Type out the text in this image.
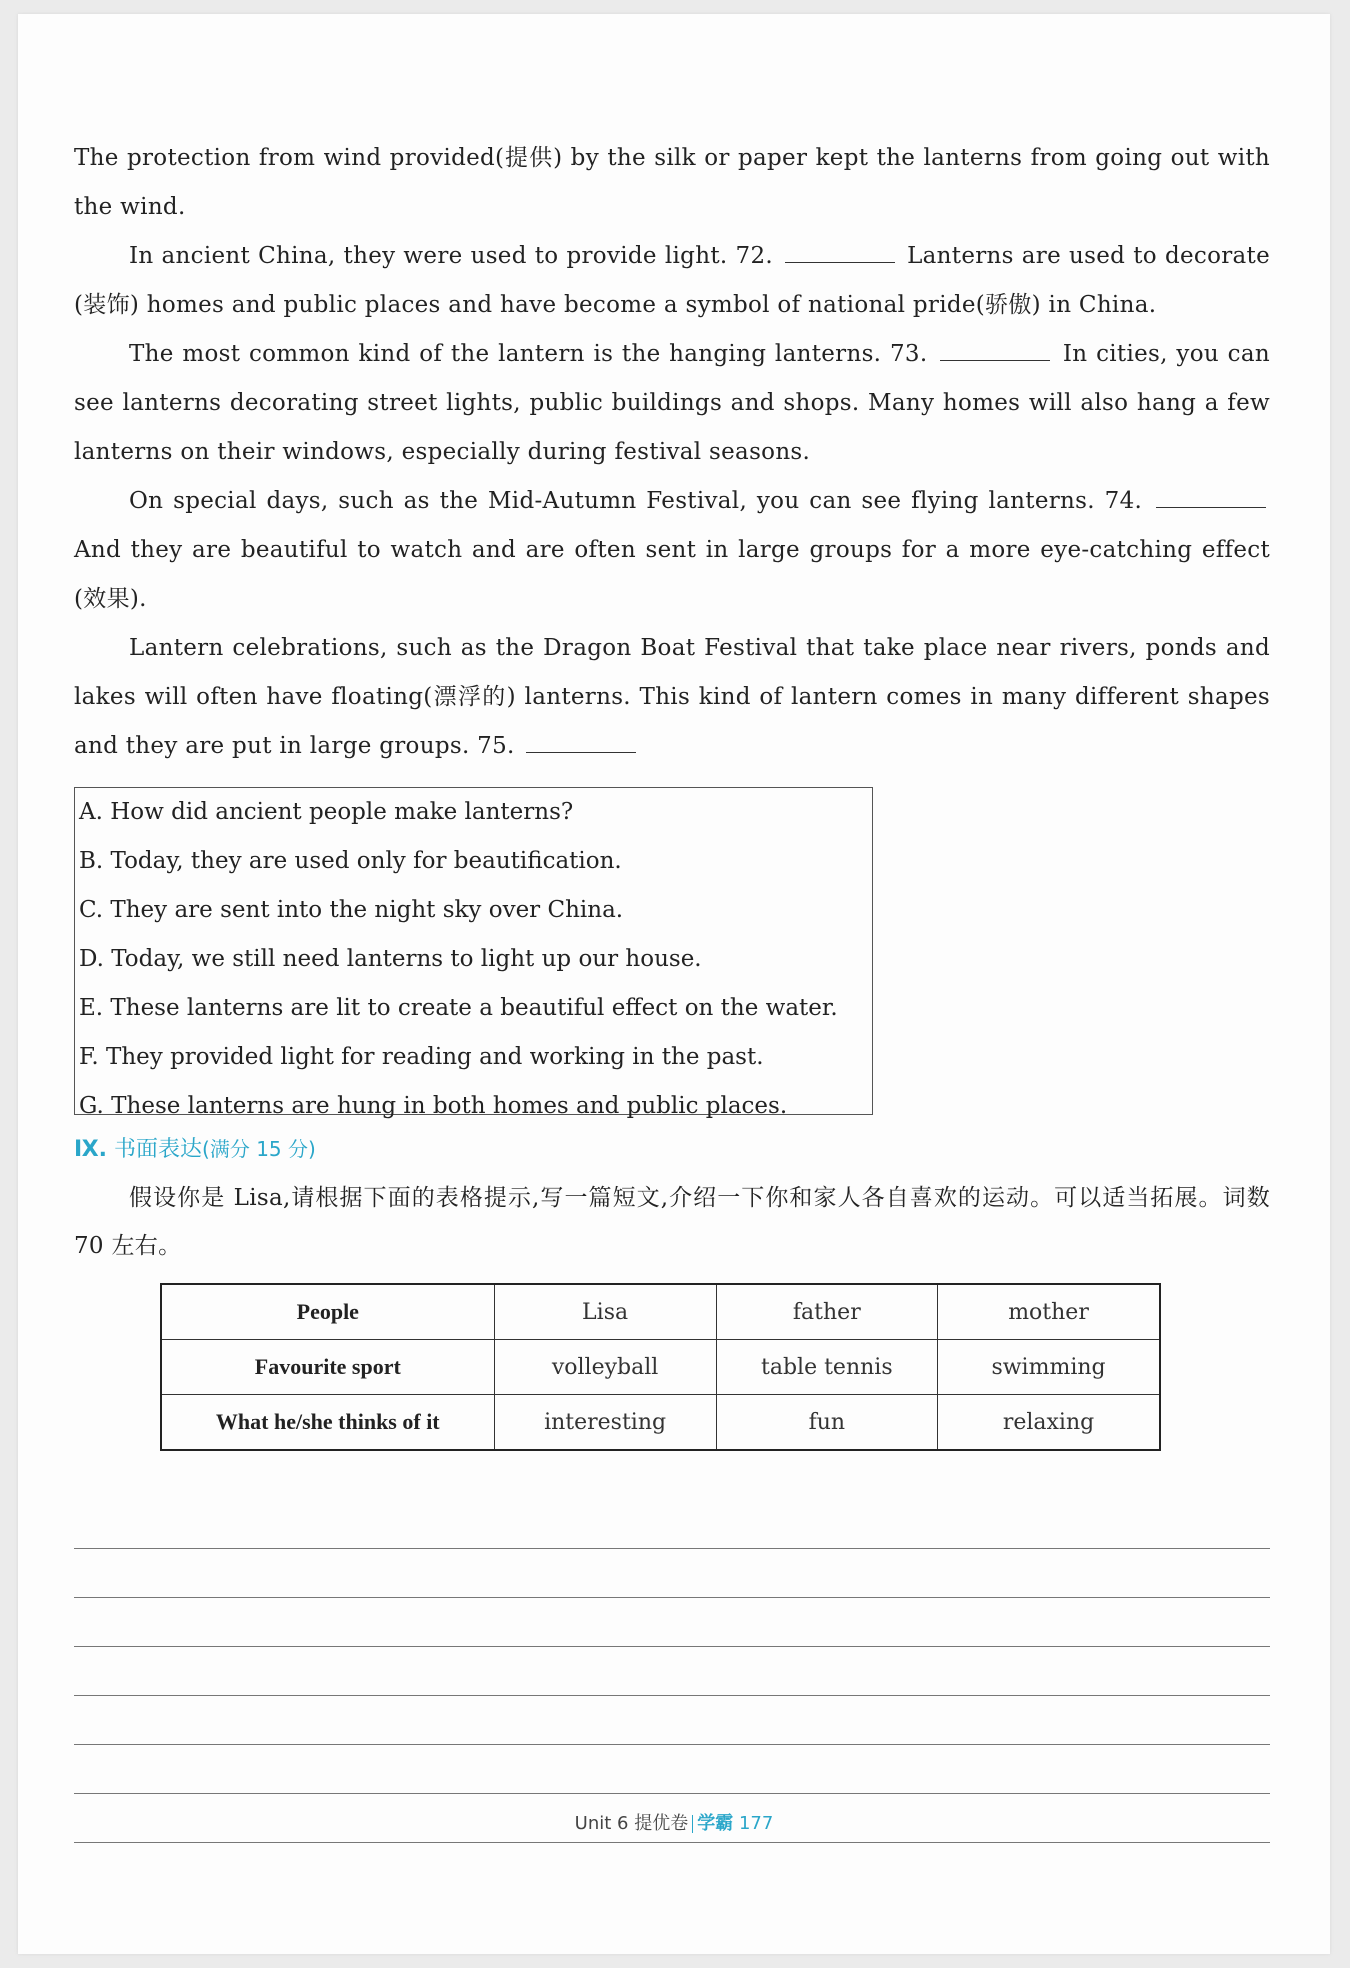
The protection from wind provided(提供) by the silk or paper kept the lanterns from going out with the wind.

In ancient China, they were used to provide light. 72.	Lanterns are used to decorate (装饰) homes and public places and have become a symbol of national pride(骄傲) in China.

The most common kind of the lantern is the hanging lanterns. 73.	In cities, you can see lanterns decorating street lights, public buildings and shops. Many homes will also hang a few lanterns on their windows, especially during festival seasons.

On special days, such as the Mid-Autumn Festival, you can see flying lanterns. 74.  And they are beautiful to watch and are often sent in large groups for a more eye-catching effect (效果).

Lantern celebrations, such as the Dragon Boat Festival that take place near rivers, ponds and lakes will often have floating(漂浮的) lanterns. This kind of lantern comes in many different shapes and they are put in large groups. 75.

A. How did ancient people make lanterns?
B. Today, they are used only for beautification.
C. They are sent into the night sky over China.
D. Today, we still need lanterns to light up our house.
E. These lanterns are lit to create a beautiful effect on the water.
F. They provided light for reading and working in the past.
G. These lanterns are hung in both homes and public places.
Ⅸ. 书面表达(满分 15 分)

假设你是 Lisa,请根据下面的表格提示,写一篇短文,介绍一下你和家人各自喜欢的运动。可以适当拓展。词数 70 左右。

People	Lisa	father	mother
Favourite sport	volleyball	table tennis	swimming
What he/she thinks of it	interesting	fun	relaxing
Unit 6 提优卷 学霸 177
